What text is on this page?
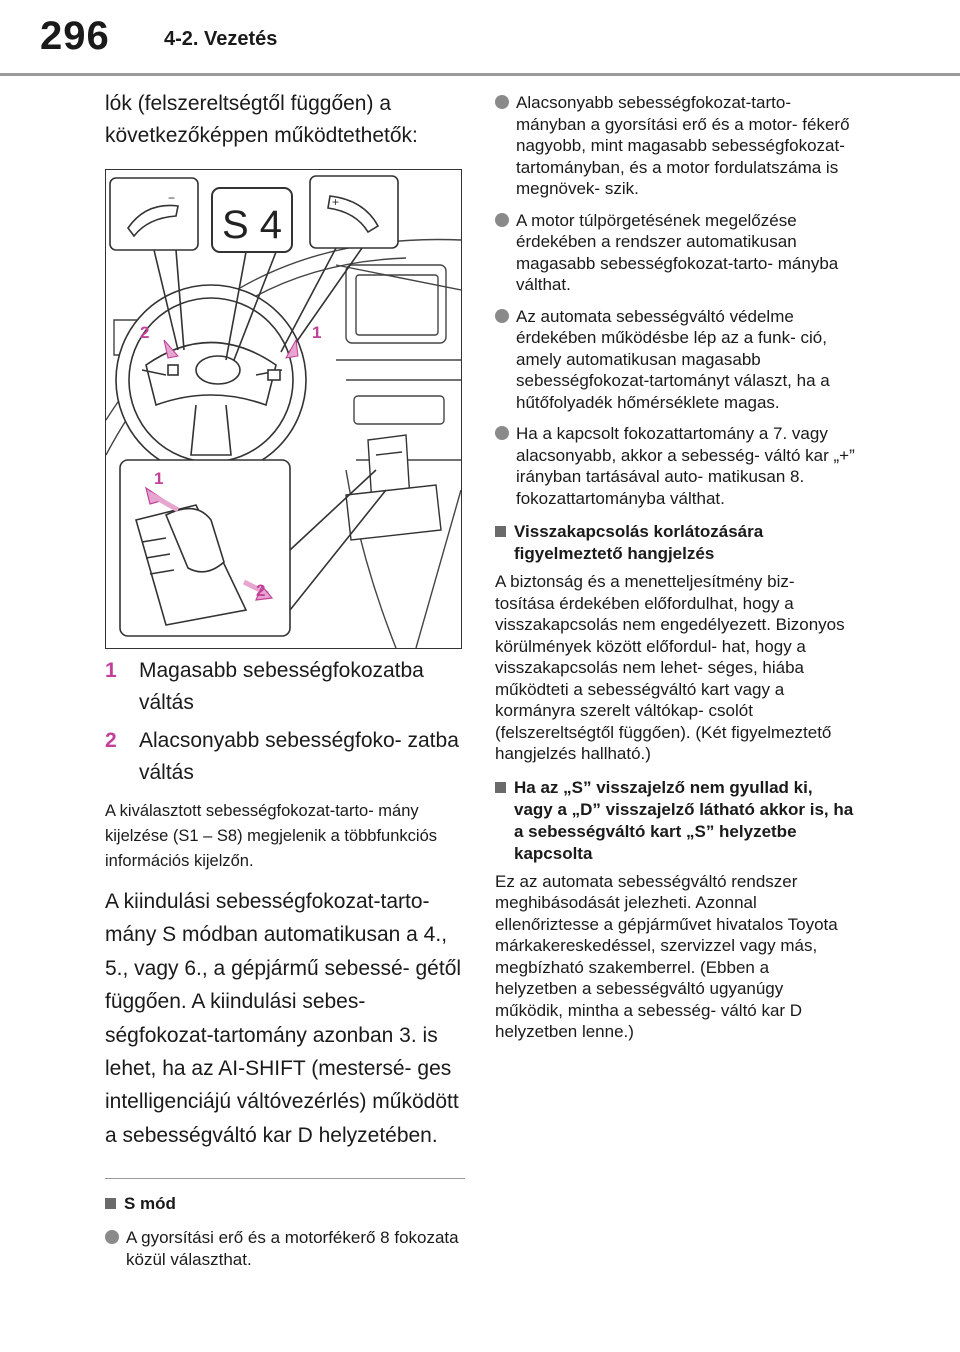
296	4-2. Vezetés

lók (felszereltségtől függően) a következőképpen működtethetők:

−
S 4
+
2	1
1
2
1	Magasabb sebességfokozatba váltás
2	Alacsonyabb sebességfoko- zatba váltás
A kiválasztott sebességfokozat-tarto- mány kijelzése (S1 – S8) megjelenik a többfunkciós információs kijelzőn.
A kiindulási sebességfokozat-tarto- mány S módban automatikusan a 4., 5., vagy 6., a gépjármű sebessé- gétől függően. A kiindulási sebes- ségfokozat-tartomány azonban 3. is lehet, ha az AI-SHIFT (mestersé- ges intelligenciájú váltóvezérlés) működött a sebességváltó kar D helyzetében.
S mód
A gyorsítási erő és a motorfékerő 8 fokozata közül választhat.
Alacsonyabb sebességfokozat-tarto- mányban a gyorsítási erő és a motor- fékerő nagyobb, mint magasabb sebességfokozat-tartományban, és a motor fordulatszáma is megnövek- szik.
A motor túlpörgetésének megelőzése érdekében a rendszer automatikusan magasabb sebességfokozat-tarto- mányba válthat.
Az automata sebességváltó védelme érdekében működésbe lép az a funk- ció, amely automatikusan magasabb sebességfokozat-tartományt választ, ha a hűtőfolyadék hőmérséklete magas.
Ha a kapcsolt fokozattartomány a 7. vagy alacsonyabb, akkor a sebesség- váltó kar „+” irányban tartásával auto- matikusan 8. fokozattartományba válthat.
Visszakapcsolás korlátozására figyelmeztető hangjelzés

A biztonság és a menetteljesítmény biz- tosítása érdekében előfordulhat, hogy a visszakapcsolás nem engedélyezett. Bizonyos körülmények között előfordul- hat, hogy a visszakapcsolás nem lehet- séges, hiába működteti a sebességváltó kart vagy a kormányra szerelt váltókap- csolót (felszereltségtől függően). (Két figyelmeztető hangjelzés hallható.)

Ha az „S” visszajelző nem gyullad ki, vagy a „D” visszajelző látható akkor is, ha a sebességváltó kart „S” helyzetbe kapcsolta

Ez az automata sebességváltó rendszer meghibásodását jelezheti. Azonnal ellenőriztesse a gépjárművet hivatalos Toyota márkakereskedéssel, szervizzel vagy más, megbízható szakemberrel. (Ebben a helyzetben a sebességváltó ugyanúgy működik, mintha a sebesség- váltó kar D helyzetben lenne.)
